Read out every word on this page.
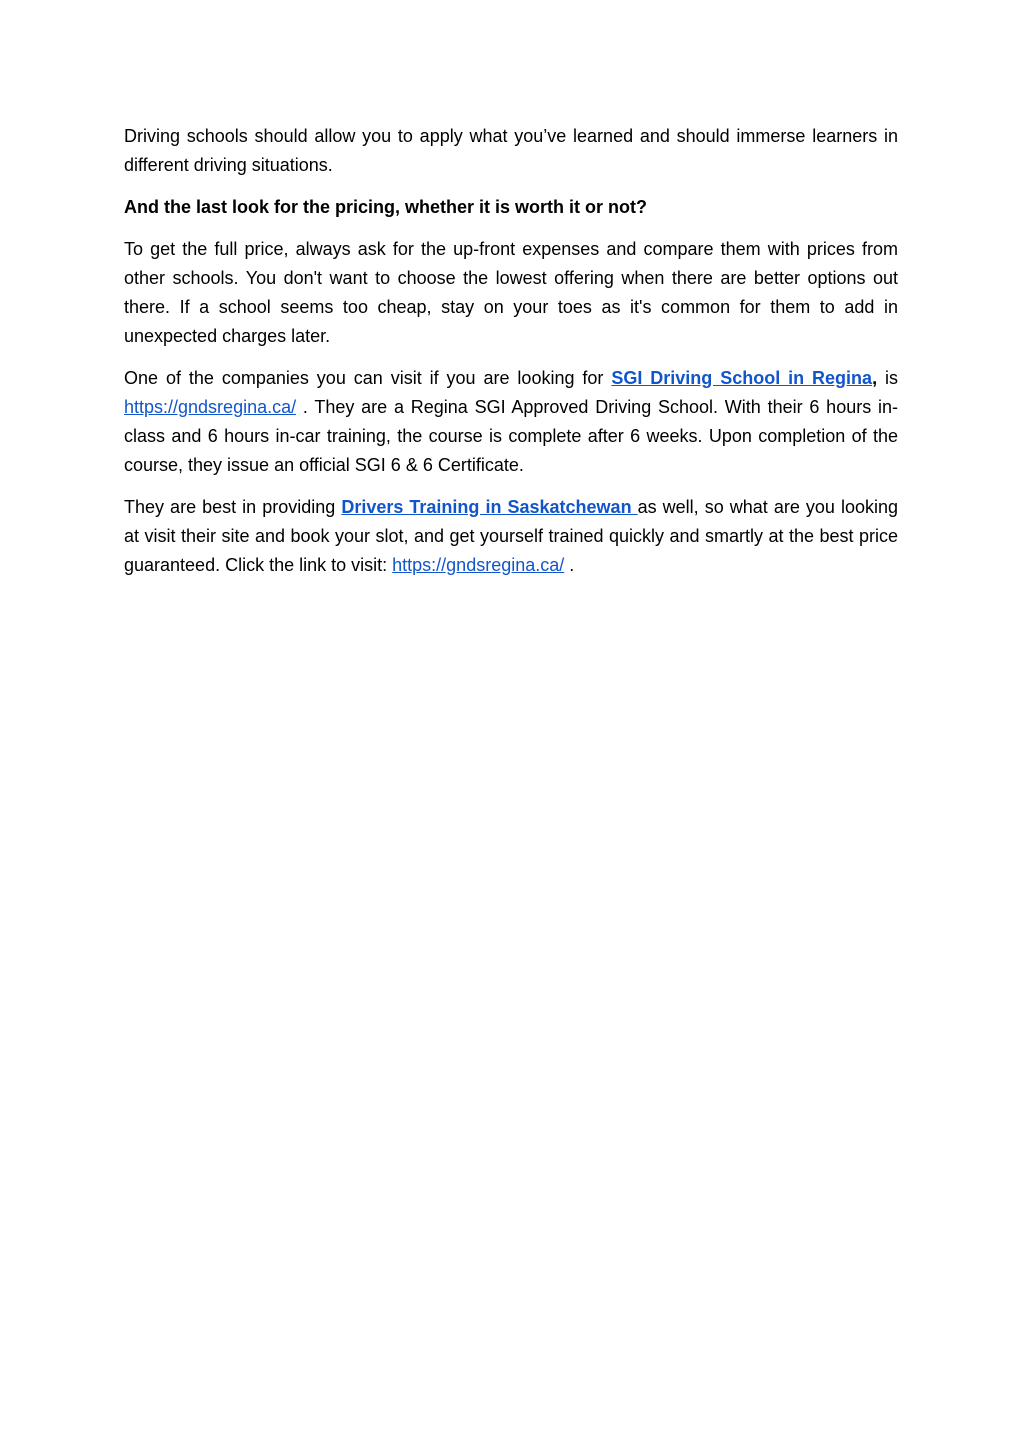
Driving schools should allow you to apply what you’ve learned and should immerse learners in different driving situations.

And the last look for the pricing, whether it is worth it or not?

To get the full price, always ask for the up-front expenses and compare them with prices from other schools. You don't want to choose the lowest offering when there are better options out there. If a school seems too cheap, stay on your toes as it's common for them to add in unexpected charges later.

One of the companies you can visit if you are looking for SGI Driving School in Regina, is https://gndsregina.ca/ . They are a Regina SGI Approved Driving School. With their 6 hours in-class and 6 hours in-car training, the course is complete after 6 weeks. Upon completion of the course, they issue an official SGI 6 & 6 Certificate.

They are best in providing Drivers Training in Saskatchewan as well, so what are you looking at visit their site and book your slot, and get yourself trained quickly and smartly at the best price guaranteed. Click the link to visit: https://gndsregina.ca/ .
